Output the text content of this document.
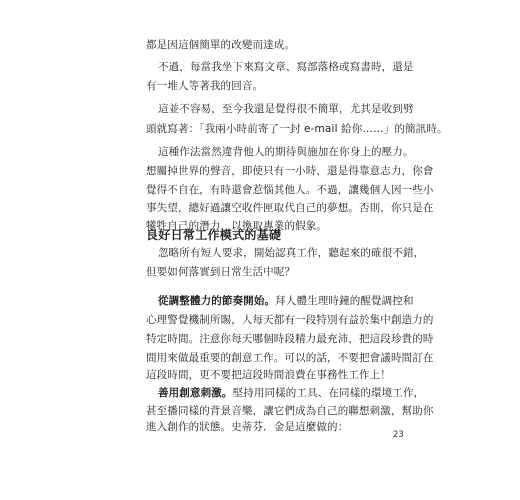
都是因這個簡單的改變而達成。
不過，每當我坐下來寫文章、寫部落格或寫書時，還是
有一堆人等著我的回音。
這並不容易，至今我還是覺得很不簡單，尤其是收到劈
頭就寫著：「我兩小時前寄了一封 e-mail 給你……」的簡訊時。
這種作法當然違背他人的期待與施加在你身上的壓力。
想關掉世界的聲音，即使只有一小時，還是得靠意志力，你會
覺得不自在，有時還會惹惱其他人。不過，讓幾個人因一些小
事失望，總好過讓空收件匣取代自己的夢想。否則，你只是在
犧牲自己的潛力，以換取專業的假象。
良好日常工作模式的基礎
忽略所有短人要求，開始認真工作，聽起來的確很不錯，
但要如何落實到日常生活中呢？
從調整體力的節奏開始。拜人體生理時鐘的醒覺調控和
心理警覺機制所賜，人每天都有一段特別有益於集中創造力的
特定時間。注意你每天哪個時段精力最充沛，把這段珍貴的時
間用來做最重要的創意工作。可以的話，不要把會議時間訂在
這段時間，更不要把這段時間浪費在事務性工作上！
善用創意刺激。堅持用同樣的工具、在同樣的環境工作，
甚至播同樣的背景音樂，讓它們成為自己的聯想刺激，幫助你
進入創作的狀態。史蒂芬．金是這麼做的：
23
